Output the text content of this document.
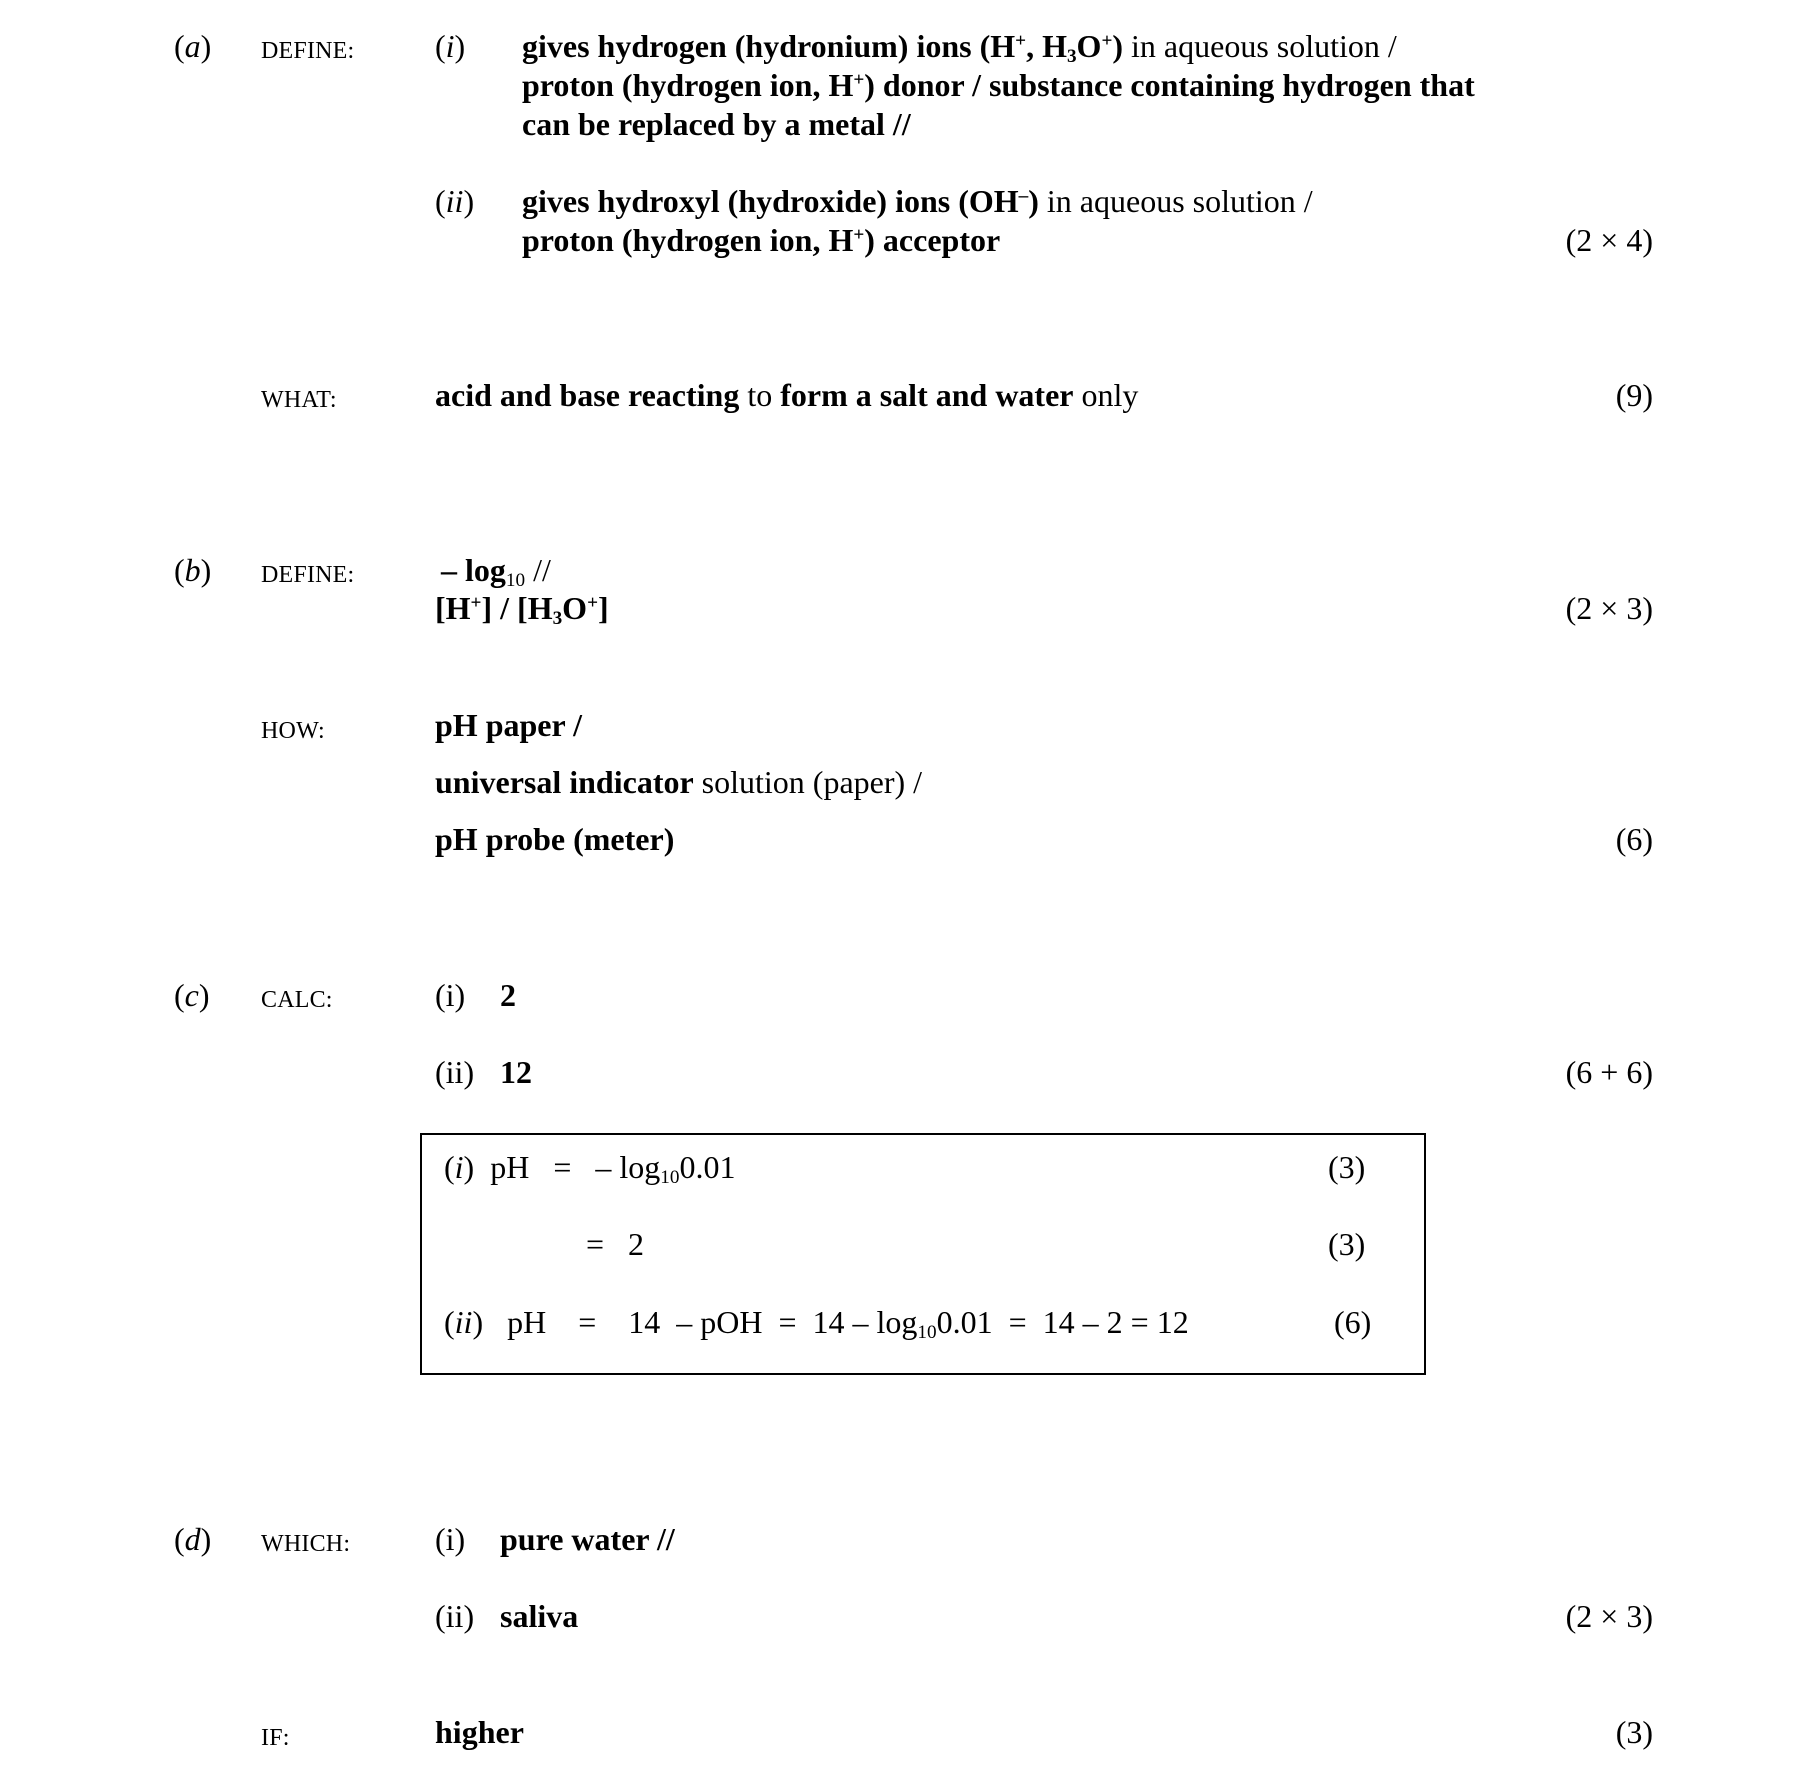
(a) DEFINE:	(i) gives hydrogen (hydronium) ions (H+, $H_3O^+$) in aqueous solution /
proton (hydrogen ion, H+) donor / substance containing hydrogen that
can be replaced by a metal //
(ii) gives hydroxyl (hydroxide) ions (OH‒) in aqueous solution /
proton (hydrogen ion, H+) acceptor	(2 × 4)
WHAT:	acid and base reacting to form a salt and water only	(9)
(b) DEFINE:	– $\log_{10}$ //
$[H^+] / [H_3O^+]$	(2 × 3)
HOW:	pH paper /
universal indicator solution (paper) /
pH probe (meter)	(6)
(c) CALC:	(i) 2
(ii) 12	(6 + 6)
(i)  pH = – $\log_{10}0.01$	(3)
= 2	(3)
(ii)   pH = 14  – pOH  =  $14 - \log_{10}0.01 = 14 - 2 = 12$	(6)
(d) WHICH:	(i) pure water //
(ii) saliva	(2 × 3)
IF:	higher	(3)
